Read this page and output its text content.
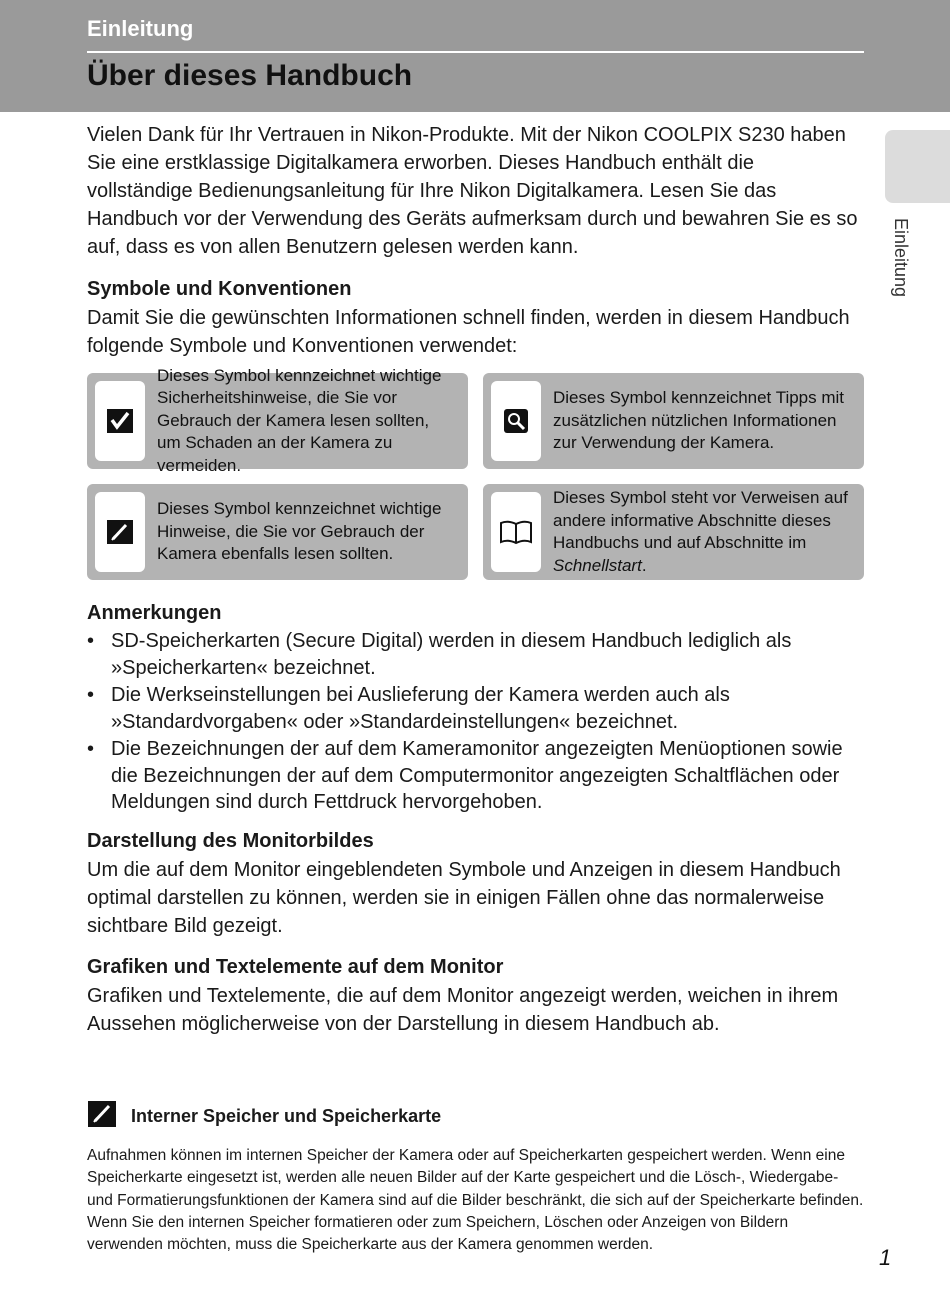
Einleitung
Über dieses Handbuch
Einleitung

Vielen Dank für Ihr Vertrauen in Nikon-Produkte. Mit der Nikon COOLPIX S230 haben Sie eine erstklassige Digitalkamera erworben. Dieses Handbuch enthält die vollständige Bedienungsanleitung für Ihre Nikon Digitalkamera. Lesen Sie das Handbuch vor der Verwendung des Geräts aufmerksam durch und bewahren Sie es so auf, dass es von allen Benutzern gelesen werden kann.

Symbole und Konventionen

Damit Sie die gewünschten Informationen schnell finden, werden in diesem Handbuch folgende Symbole und Konventionen verwendet:

Dieses Symbol kennzeichnet wichtige Sicherheitshinweise, die Sie vor Gebrauch der Kamera lesen sollten, um Schaden an der Kamera zu vermeiden.
Dieses Symbol kennzeichnet Tipps mit zusätzlichen nützlichen Informationen zur Verwendung der Kamera.
Dieses Symbol kennzeichnet wichtige Hinweise, die Sie vor Gebrauch der Kamera ebenfalls lesen sollten.
Dieses Symbol steht vor Verweisen auf andere informative Abschnitte dieses Handbuchs und auf Abschnitte im Schnellstart.
Anmerkungen
• SD-Speicherkarten (Secure Digital) werden in diesem Handbuch lediglich als »Speicherkarten« bezeichnet.
• Die Werkseinstellungen bei Auslieferung der Kamera werden auch als »Standardvorgaben« oder »Standardeinstellungen« bezeichnet.
• Die Bezeichnungen der auf dem Kameramonitor angezeigten Menüoptionen sowie die Bezeichnungen der auf dem Computermonitor angezeigten Schaltflächen oder Meldungen sind durch Fettdruck hervorgehoben.
Darstellung des Monitorbildes

Um die auf dem Monitor eingeblendeten Symbole und Anzeigen in diesem Handbuch optimal darstellen zu können, werden sie in einigen Fällen ohne das normalerweise sichtbare Bild gezeigt.

Grafiken und Textelemente auf dem Monitor

Grafiken und Textelemente, die auf dem Monitor angezeigt werden, weichen in ihrem Aussehen möglicherweise von der Darstellung in diesem Handbuch ab.

Interner Speicher und Speicherkarte

Aufnahmen können im internen Speicher der Kamera oder auf Speicherkarten gespeichert werden. Wenn eine Speicherkarte eingesetzt ist, werden alle neuen Bilder auf der Karte gespeichert und die Lösch-, Wiedergabe- und Formatierungsfunktionen der Kamera sind auf die Bilder beschränkt, die sich auf der Speicherkarte befinden. Wenn Sie den internen Speicher formatieren oder zum Speichern, Löschen oder Anzeigen von Bildern verwenden möchten, muss die Speicherkarte aus der Kamera genommen werden.

1
